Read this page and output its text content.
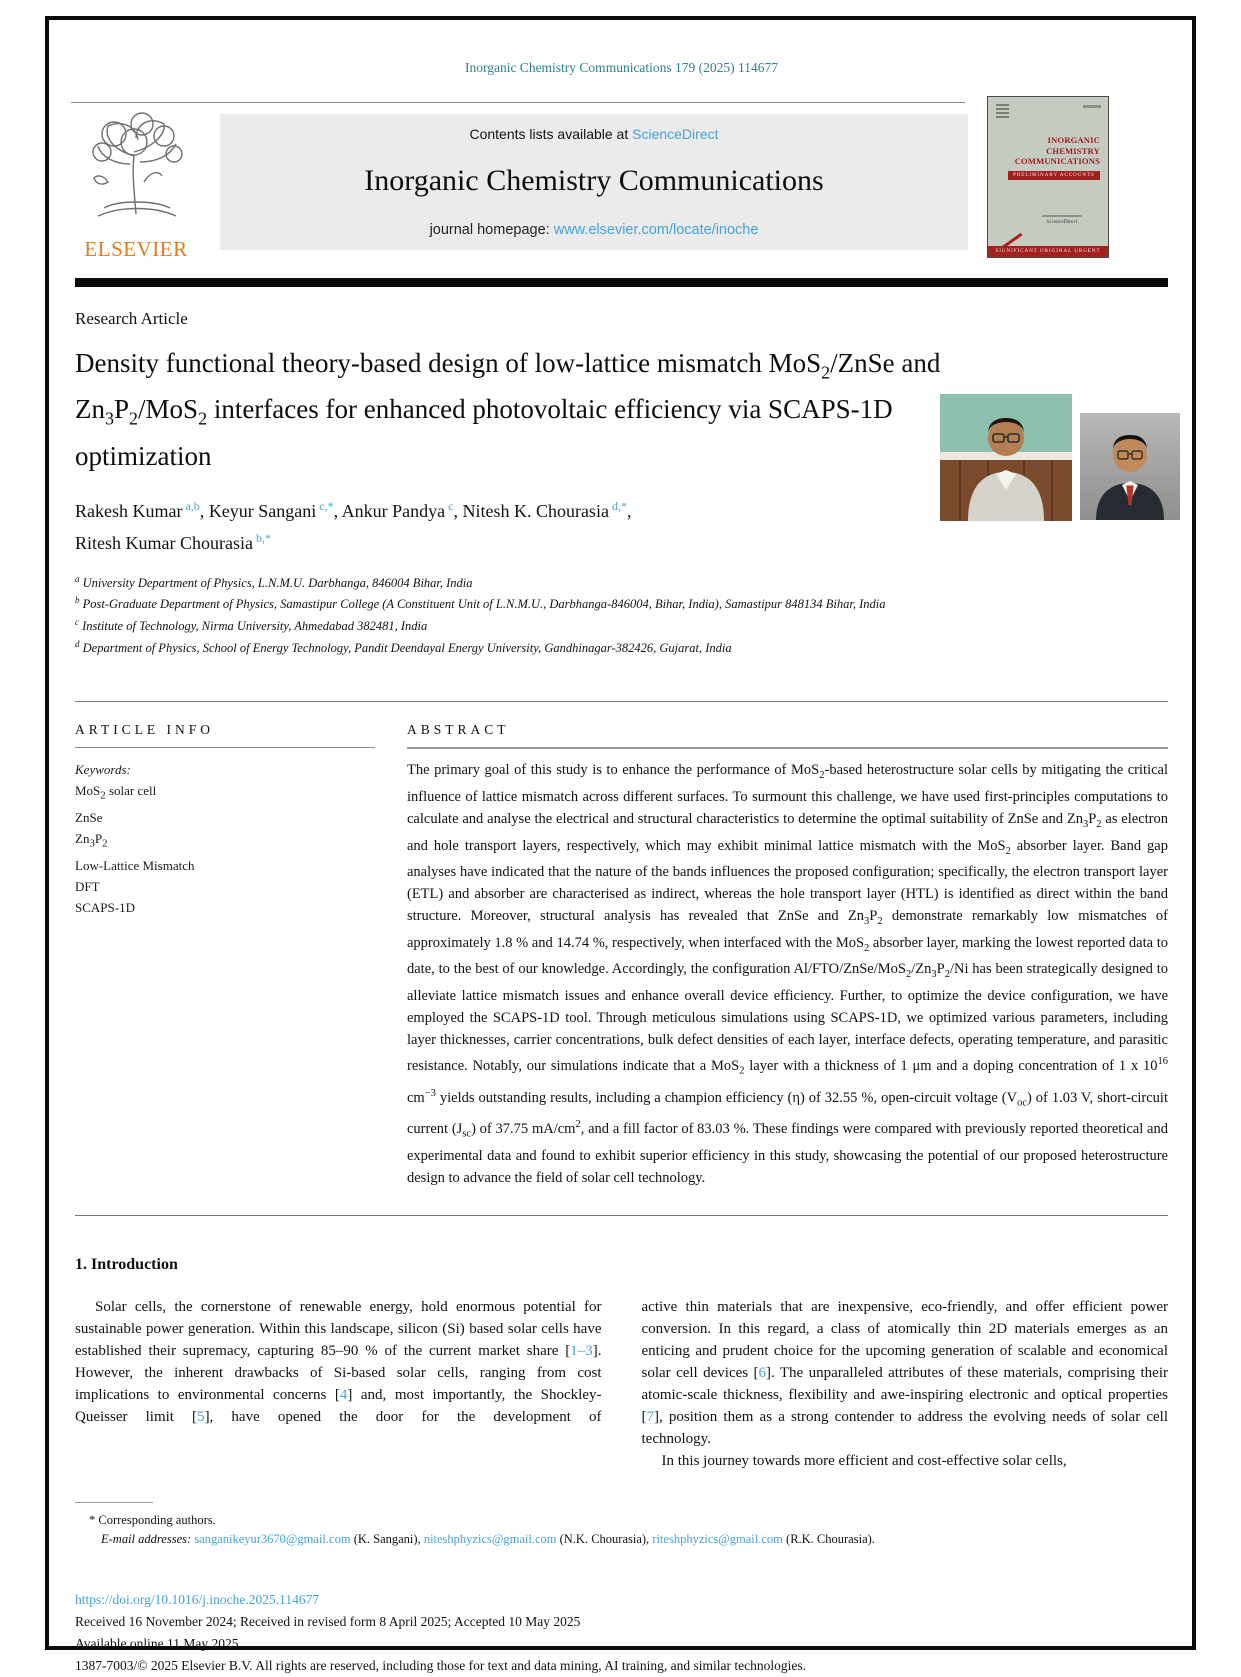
Inorganic Chemistry Communications 179 (2025) 114677
ELSEVIER
Contents lists available at ScienceDirect
Inorganic Chemistry Communications
journal homepage: www.elsevier.com/locate/inoche
INORGANIC CHEMISTRY COMMUNICATIONS
PRELIMINARY ACCOUNTS
ScienceDirect
SIGNIFICANT ORIGINAL URGENT
Research Article
Density functional theory-based design of low-lattice mismatch MoS$_2$/ZnSe and $Zn_3P_2/MoS_2$ interfaces for enhanced photovoltaic efficiency via SCAPS-1D optimization
Rakesh Kumar $^{a,b}$, Keyur Sangani $^{c,*}$, Ankur Pandya $^c$, Nitesh K. Chourasia $^{d,*}$,
Ritesh Kumar Chourasia $^{b,*}$
$^a$ University Department of Physics, L.N.M.U. Darbhanga, 846004 Bihar, India
$^b$ Post-Graduate Department of Physics, Samastipur College (A Constituent Unit of L.N.M.U., Darbhanga-846004, Bihar, India), Samastipur 848134 Bihar, India
$^c$ Institute of Technology, Nirma University, Ahmedabad 382481, India
$^d$ Department of Physics, School of Energy Technology, Pandit Deendayal Energy University, Gandhinagar-382426, Gujarat, India
ARTICLE INFO
Keywords:
MoS$_2$ solar cell
ZnSe
$Zn_3P_2$
Low-Lattice Mismatch
DFT
SCAPS-1D
ABSTRACT

The primary goal of this study is to enhance the performance of MoS$_2$-based heterostructure solar cells by mitigating the critical influence of lattice mismatch across different surfaces. To surmount this challenge, we have used first-principles computations to calculate and analyse the electrical and structural characteristics to determine the optimal suitability of ZnSe and $Zn_3P_2$ as electron and hole transport layers, respectively, which may exhibit minimal lattice mismatch with the MoS$_2$ absorber layer. Band gap analyses have indicated that the nature of the bands influences the proposed configuration; specifically, the electron transport layer (ETL) and absorber are characterised as indirect, whereas the hole transport layer (HTL) is identified as direct within the band structure. Moreover, structural analysis has revealed that ZnSe and $Zn_3P_2$ demonstrate remarkably low mismatches of approximately 1.8 % and 14.74 %, respectively, when interfaced with the MoS$_2$ absorber layer, marking the lowest reported data to date, to the best of our knowledge. Accordingly, the configuration $Al/FTO/ZnSe/MoS_2/Zn_3P_2/Ni$ has been strategically designed to alleviate lattice mismatch issues and enhance overall device efficiency. Further, to optimize the device configuration, we have employed the SCAPS-1D tool. Through meticulous simulations using SCAPS-1D, we optimized various parameters, including layer thicknesses, carrier concentrations, bulk defect densities of each layer, interface defects, operating temperature, and parasitic resistance. Notably, our simulations indicate that a MoS$_2$ layer with a thickness of 1 μm and a doping concentration of 1 x $10^{16}$ $cm^{-3}$ yields outstanding results, including a champion efficiency (η) of 32.55 %, open-circuit voltage $(V_{oc})$ of 1.03 V, short-circuit current $(J_{sc})$ of 37.75 $mA/cm^2$, and a fill factor of 83.03 %. These findings were compared with previously reported theoretical and experimental data and found to exhibit superior efficiency in this study, showcasing the potential of our proposed heterostructure design to advance the field of solar cell technology.

1. Introduction

Solar cells, the cornerstone of renewable energy, hold enormous potential for sustainable power generation. Within this landscape, silicon (Si) based solar cells have established their supremacy, capturing 85–90 % of the current market share [1–3]. However, the inherent drawbacks of Si-based solar cells, ranging from cost implications to environmental concerns [4] and, most importantly, the Shockley-Queisser limit [5], have opened the door for the development of

active thin materials that are inexpensive, eco-friendly, and offer efficient power conversion. In this regard, a class of atomically thin 2D materials emerges as an enticing and prudent choice for the upcoming generation of scalable and economical solar cell devices [6]. The unparalleled attributes of these materials, comprising their atomic-scale thickness, flexibility and awe-inspiring electronic and optical properties [7], position them as a strong contender to address the evolving needs of solar cell technology.

In this journey towards more efficient and cost-effective solar cells,

* Corresponding authors.
E-mail addresses: sanganikeyur3670@gmail.com (K. Sangani), niteshphyzics@gmail.com (N.K. Chourasia), riteshphyzics@gmail.com (R.K. Chourasia).
https://doi.org/10.1016/j.inoche.2025.114677
Received 16 November 2024; Received in revised form 8 April 2025; Accepted 10 May 2025
Available online 11 May 2025
1387-7003/© 2025 Elsevier B.V. All rights are reserved, including those for text and data mining, AI training, and similar technologies.
